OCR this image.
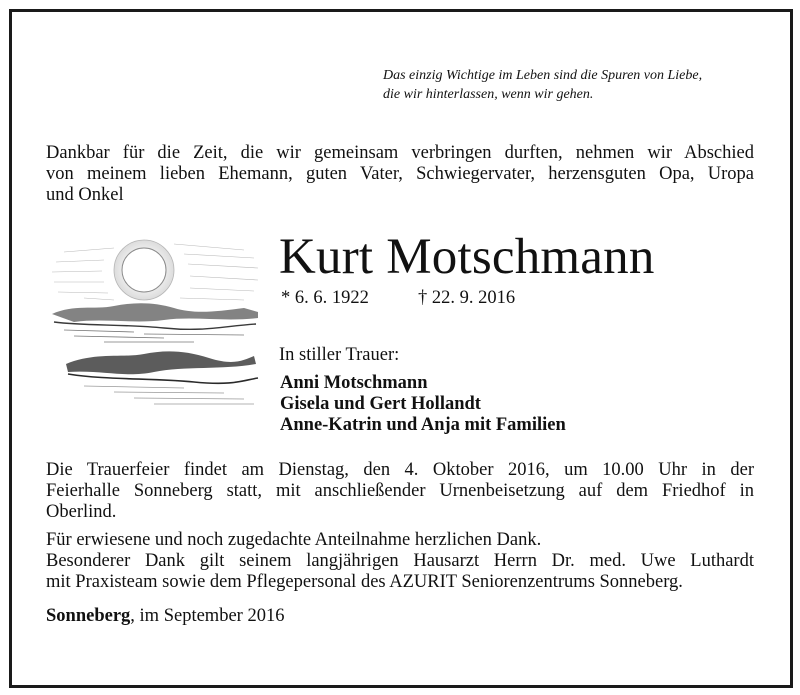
Das einzig Wichtige im Leben sind die Spuren von Liebe,
die wir hinterlassen, wenn wir gehen.
Dankbar für die Zeit, die wir gemeinsam verbringen durften, nehmen wir Abschied
von meinem lieben Ehemann, guten Vater, Schwiegervater, herzensguten Opa, Uropa
und Onkel
Kurt Motschmann
* 6. 6. 1922	† 22. 9. 2016
In stiller Trauer:
Anni Motschmann
Gisela und Gert Hollandt
Anne-Katrin und Anja mit Familien
Die Trauerfeier findet am Dienstag, den 4. Oktober 2016, um 10.00 Uhr in der
Feierhalle Sonneberg statt, mit anschließender Urnenbeisetzung auf dem Friedhof in
Oberlind.
Für erwiesene und noch zugedachte Anteilnahme herzlichen Dank.
Besonderer Dank gilt seinem langjährigen Hausarzt Herrn Dr. med. Uwe Luthardt
mit Praxisteam sowie dem Pflegepersonal des AZURIT Seniorenzentrums Sonneberg.
Sonneberg, im September 2016
